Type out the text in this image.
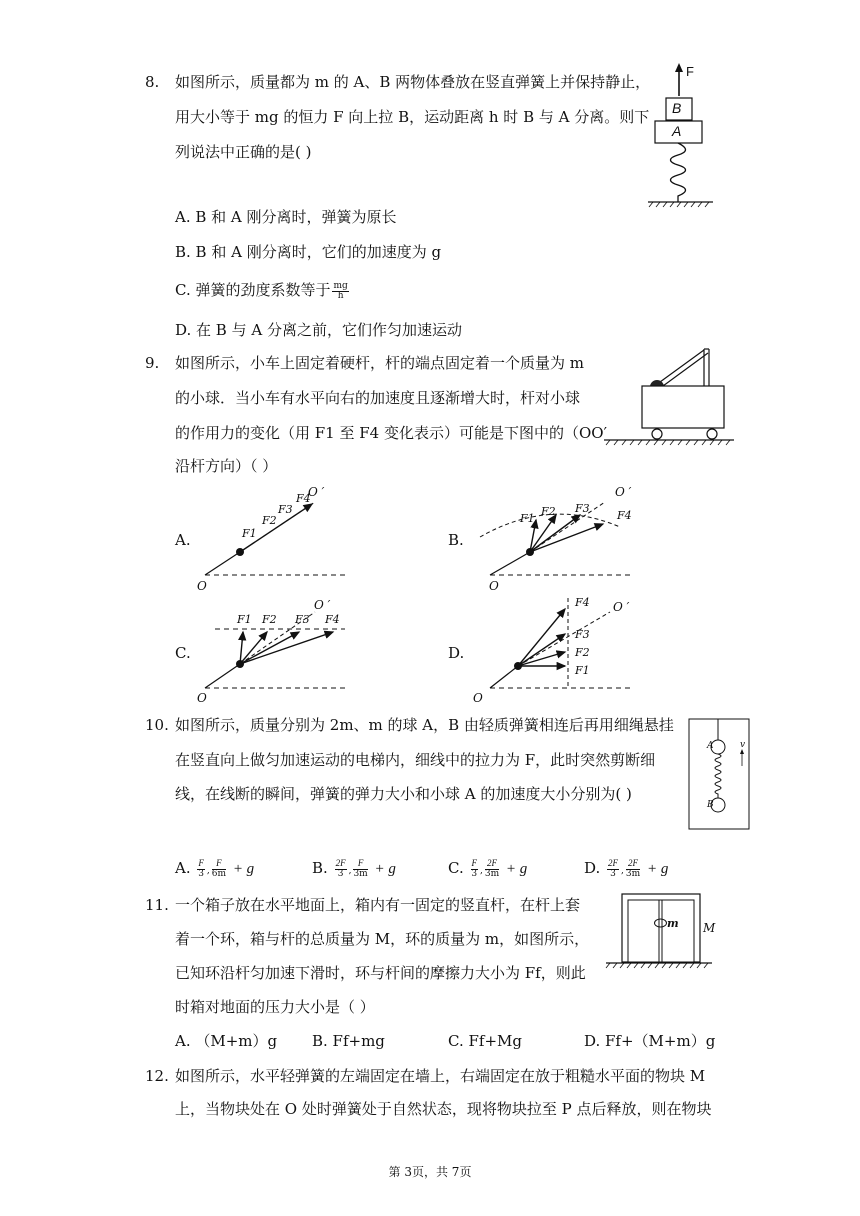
8. 如图所示，质量都为 m 的 A、B 两物体叠放在竖直弹簧上并保持静止，
用大小等于 mg 的恒力 F 向上拉 B，运动距离 h 时 B 与 A 分离。则下
列说法中正确的是( )
A. B 和 A 刚分离时，弹簧为原长
B. B 和 A 刚分离时，它们的加速度为 g
C. 弹簧的劲度系数等于 $\frac{mg}{h}$
D. 在 B 与 A 分离之前，它们作匀加速运动
F
B
A
9. 如图所示，小车上固定着硬杆，杆的端点固定着一个质量为 m
的小球．当小车有水平向右的加速度且逐渐增大时，杆对小球
的作用力的变化（用 F1 至 F4 变化表示）可能是下图中的（OO′
沿杆方向）（ ）
A.	B.
C.	D.
O
O ′
F1
F2
F3
F4
O
O ′
F1
F2 F3
F4
O
O ′
F1 F2 F3 F4
O
O ′
F4
F3
F2
F1
10. 如图所示，质量分别为 2m、m 的球 A，B 由轻质弹簧相连后再用细绳悬挂
在竖直向上做匀加速运动的电梯内，细线中的拉力为 F，此时突然剪断细
线，在线断的瞬间，弹簧的弹力大小和小球 A 的加速度大小分别为( )
A
B
v
A. $\frac{F}{3}$ , $\frac{F}{6m} + g$	B. $\frac{2F}{3}$ , $\frac{F}{3m} + g$	C. $\frac{F}{3}$ , $\frac{2F}{3m} + g$	D. $\frac{2F}{3}$ , $\frac{2F}{3m} + g$
11. 一个箱子放在水平地面上，箱内有一固定的竖直杆，在杆上套
着一个环，箱与杆的总质量为 M，环的质量为 m，如图所示，
已知环沿杆匀加速下滑时，环与杆间的摩擦力大小为 Ff，则此
时箱对地面的压力大小是（ ）
m M
A. （M+m）g B. Ff+mg	C. Ff+Mg	D. Ff+（M+m）g
12. 如图所示，水平轻弹簧的左端固定在墙上，右端固定在放于粗糙水平面的物块 M
上，当物块处在 O 处时弹簧处于自然状态，现将物块拉至 P 点后释放，则在物块
第 3页，共 7页
